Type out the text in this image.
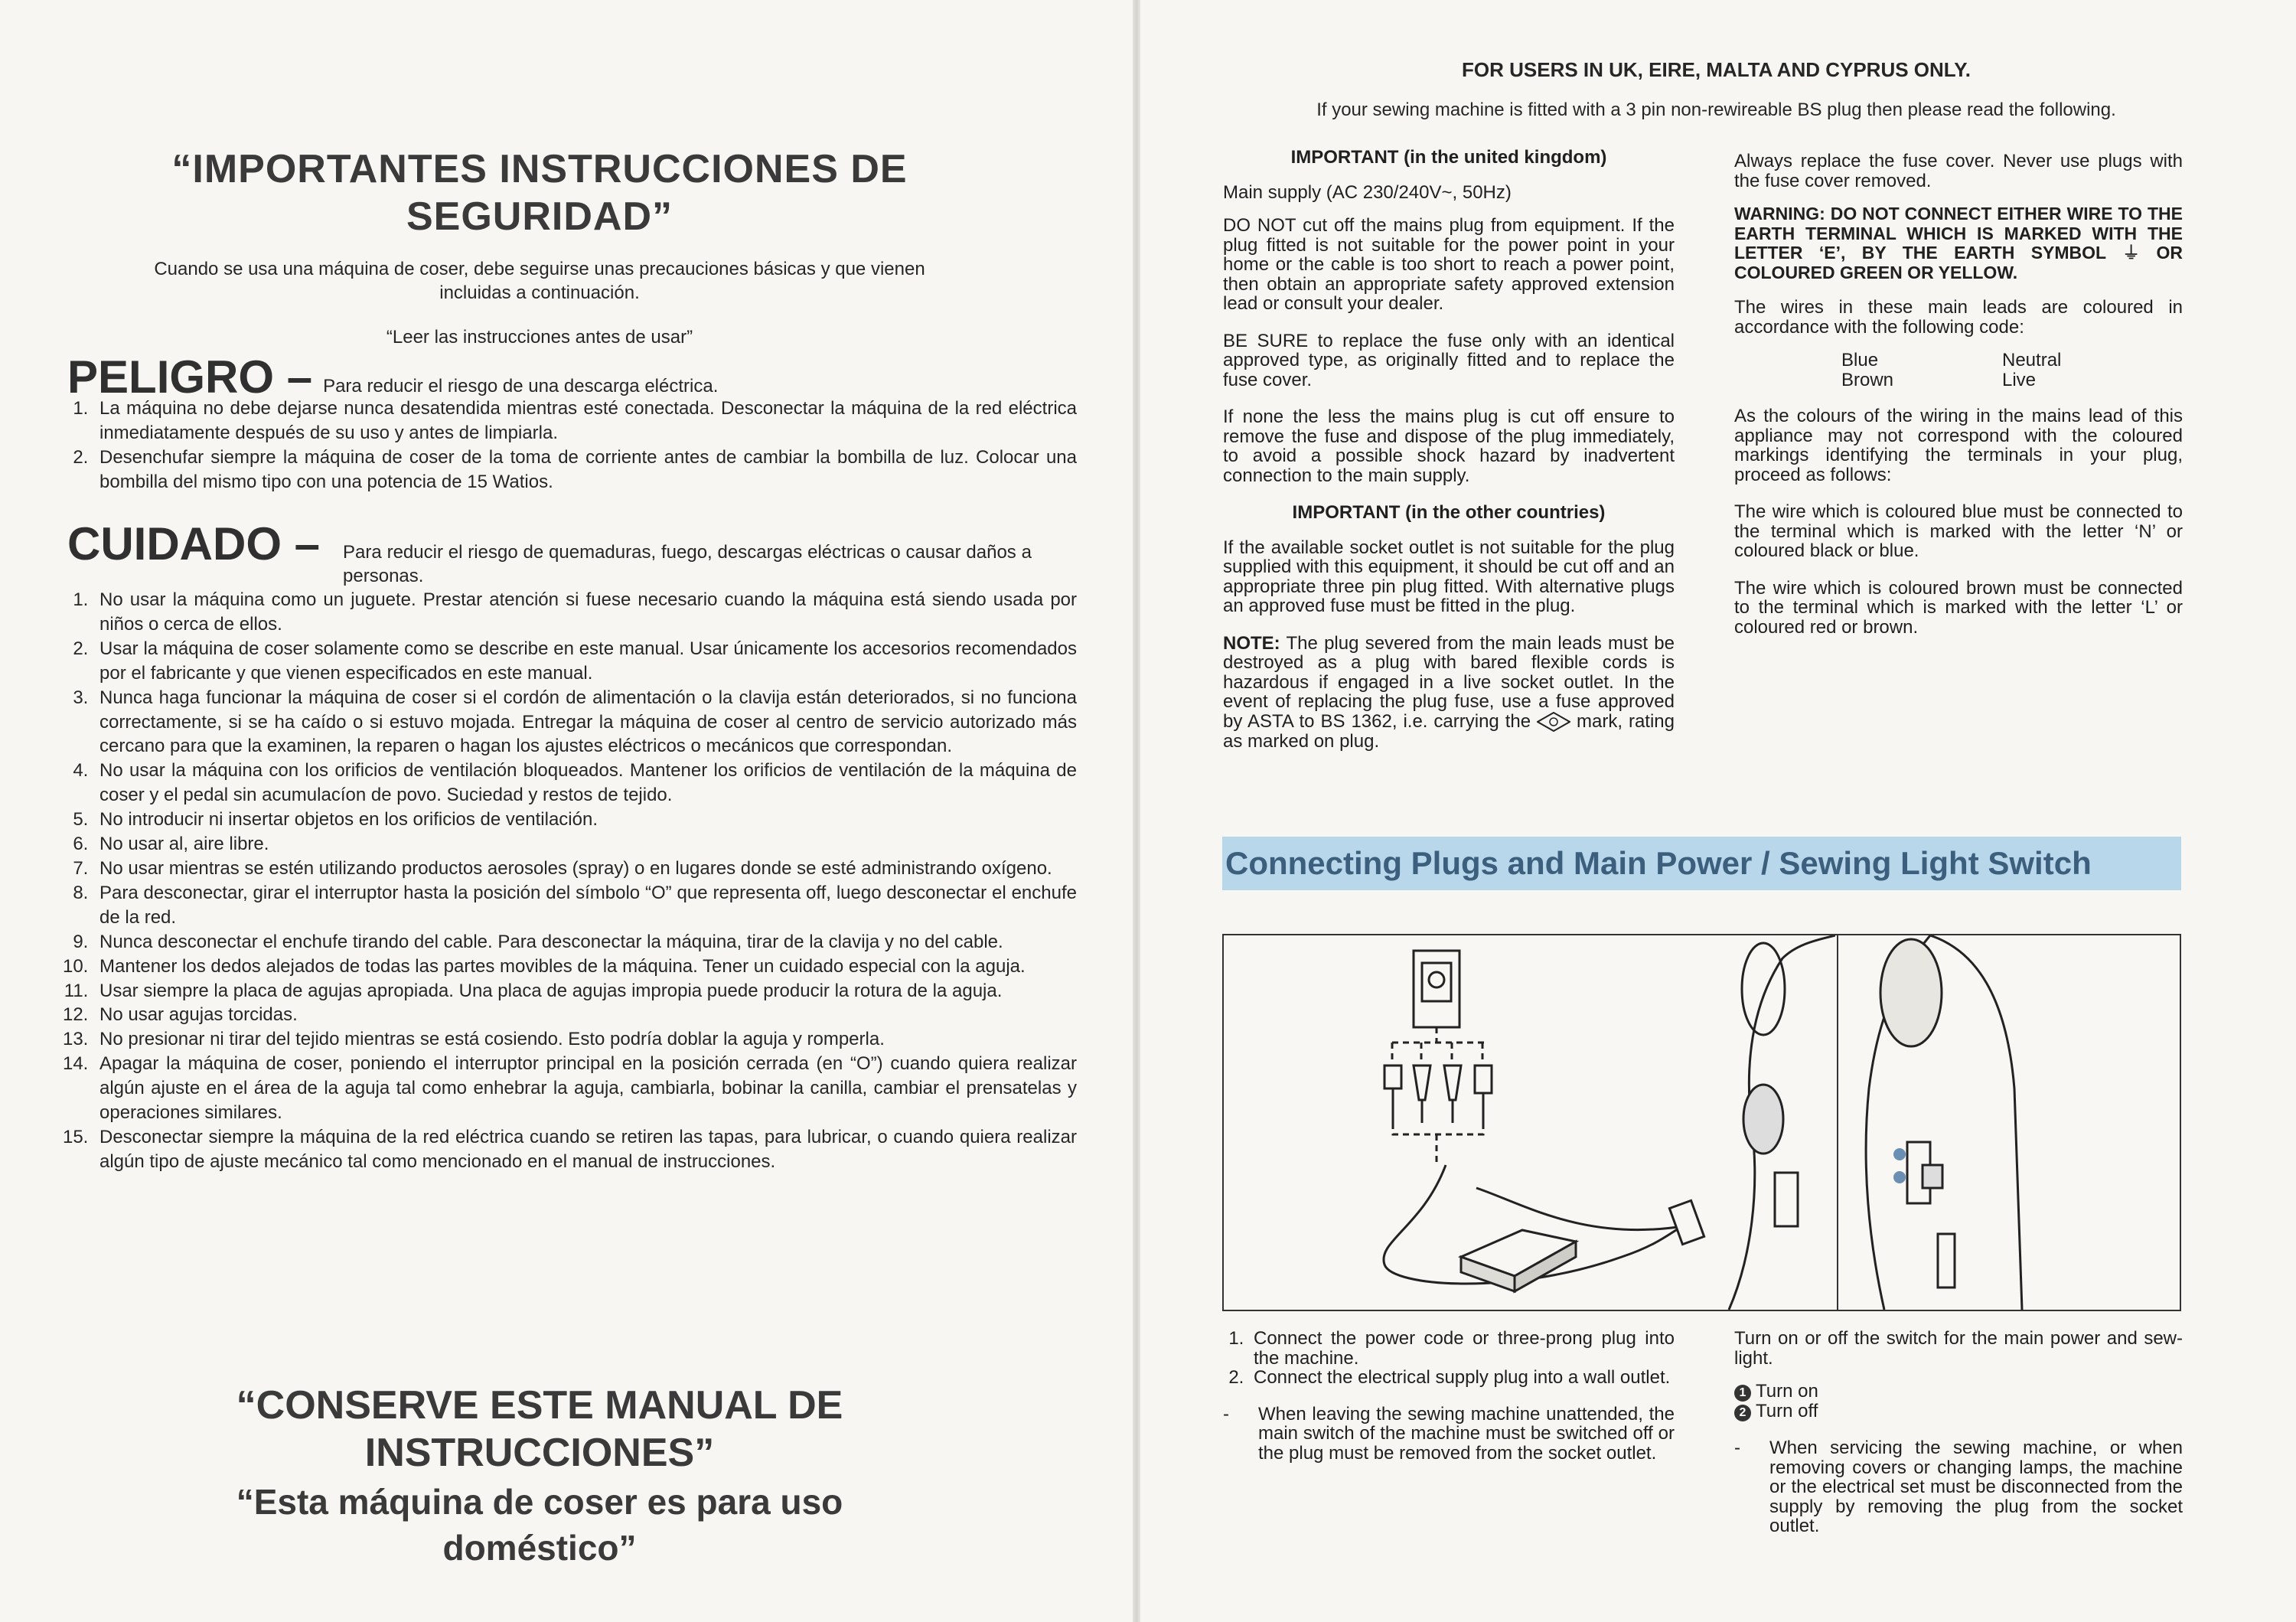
“IMPORTANTES INSTRUCCIONES DE
SEGURIDAD”
Cuando se usa una máquina de coser, debe seguirse unas precauciones básicas y que vienen incluidas a continuación.
“Leer las instrucciones antes de usar”
PELIGRO – Para reducir el riesgo de una descarga eléctrica.
1. La máquina no debe dejarse nunca desatendida mientras esté conectada. Desconectar la máquina de la red eléctrica inmediatamente después de su uso y antes de limpiarla.
2. Desenchufar siempre la máquina de coser de la toma de corriente antes de cambiar la bombilla de luz. Colocar una bombilla del mismo tipo con una potencia de 15 Watios.
CUIDADO – Para reducir el riesgo de quemaduras, fuego, descargas eléctricas o causar daños a personas.
1. No usar la máquina como un juguete. Prestar atención si fuese necesario cuando la máquina está siendo usada por niños o cerca de ellos.
2. Usar la máquina de coser solamente como se describe en este manual. Usar únicamente los accesorios recomendados por el fabricante y que vienen especificados en este manual.
3. Nunca haga funcionar la máquina de coser si el cordón de alimentación o la clavija están deteriorados, si no funciona correctamente, si se ha caído o si estuvo mojada. Entregar la máquina de coser al centro de servicio autorizado más cercano para que la examinen, la reparen o hagan los ajustes eléctricos o mecánicos que correspondan.
4. No usar la máquina con los orificios de ventilación bloqueados. Mantener los orificios de ventilación de la máquina de coser y el pedal sin acumulacíon de povo. Suciedad y restos de tejido.
5. No introducir ni insertar objetos en los orificios de ventilación.
6. No usar al, aire libre.
7. No usar mientras se estén utilizando productos aerosoles (spray) o en lugares donde se esté administrando oxígeno.
8. Para desconectar, girar el interruptor hasta la posición del símbolo “O” que representa off, luego desconectar el enchufe de la red.
9. Nunca desconectar el enchufe tirando del cable. Para desconectar la máquina, tirar de la clavija y no del cable.
10. Mantener los dedos alejados de todas las partes movibles de la máquina. Tener un cuidado especial con la aguja.
11. Usar siempre la placa de agujas apropiada. Una placa de agujas impropia puede producir la rotura de la aguja.
12. No usar agujas torcidas.
13. No presionar ni tirar del tejido mientras se está cosiendo. Esto podría doblar la aguja y romperla.
14. Apagar la máquina de coser, poniendo el interruptor principal en la posición cerrada (en “O”) cuando quiera realizar algún ajuste en el área de la aguja tal como enhebrar la aguja, cambiarla, bobinar la canilla, cambiar el prensatelas y operaciones similares.
15. Desconectar siempre la máquina de la red eléctrica cuando se retiren las tapas, para lubricar, o cuando quiera realizar algún tipo de ajuste mecánico tal como mencionado en el manual de instrucciones.
“CONSERVE ESTE MANUAL DE
INSTRUCCIONES”
“Esta máquina de coser es para uso
doméstico”
FOR USERS IN UK, EIRE, MALTA AND CYPRUS ONLY.
If your sewing machine is fitted with a 3 pin non-rewireable BS plug then please read the following.

IMPORTANT (in the united kingdom)

Main supply (AC 230/240V~, 50Hz)

DO NOT cut off the mains plug from equipment. If the plug fitted is not suitable for the power point in your home or the cable is too short to reach a power point, then obtain an appropriate safety approved extension lead or consult your dealer.

BE SURE to replace the fuse only with an identical approved type, as originally fitted and to replace the fuse cover.

If none the less the mains plug is cut off ensure to remove the fuse and dispose of the plug immediately, to avoid a possible shock hazard by inadvertent connection to the main supply.

IMPORTANT (in the other countries)

If the available socket outlet is not suitable for the plug supplied with this equipment, it should be cut off and an appropriate three pin plug fitted. With alternative plugs an approved fuse must be fitted in the plug.

NOTE: The plug severed from the main leads must be destroyed as a plug with bared flexible cords is hazardous if engaged in a live socket outlet. In the event of replacing the plug fuse, use a fuse approved by ASTA to BS 1362, i.e. carrying the mark, rating as marked on plug.

Always replace the fuse cover. Never use plugs with the fuse cover removed.

WARNING: DO NOT CONNECT EITHER WIRE TO THE EARTH TERMINAL WHICH IS MARKED WITH THE LETTER ‘E’, BY THE EARTH SYMBOL ⏚ OR COLOURED GREEN OR YELLOW.

The wires in these main leads are coloured in accordance with the following code:

Blue	Neutral
Brown	Live

As the colours of the wiring in the mains lead of this appliance may not correspond with the coloured markings identifying the terminals in your plug, proceed as follows:

The wire which is coloured blue must be connected to the terminal which is marked with the letter ‘N’ or coloured black or blue.

The wire which is coloured brown must be connected to the terminal which is marked with the letter ‘L’ or coloured red or brown.

Connecting Plugs and Main Power / Sewing Light Switch
1. Connect the power code or three-prong plug into the machine.
2. Connect the electrical supply plug into a wall outlet.
-	When leaving the sewing machine unattended, the main switch of the machine must be switched off or the plug must be removed from the socket outlet.

Turn on or off the switch for the main power and sew-light.

1 Turn on
2 Turn off
-	When servicing the sewing machine, or when removing covers or changing lamps, the machine or the electrical set must be disconnected from the supply by removing the plug from the socket outlet.
